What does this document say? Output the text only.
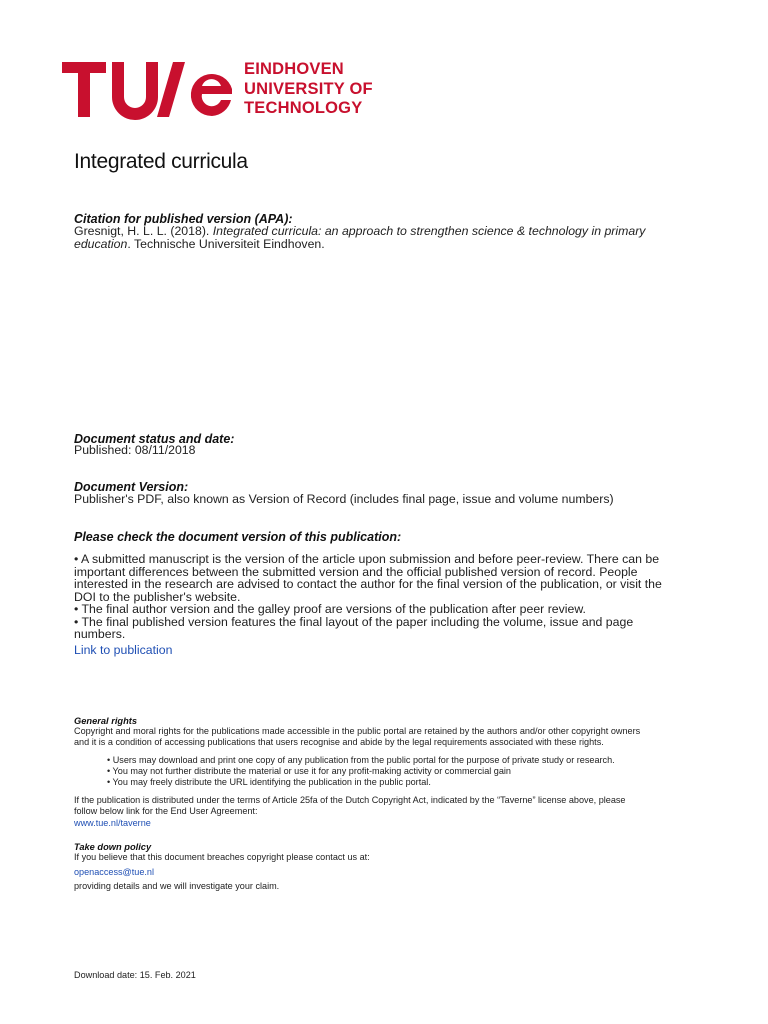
EINDHOVEN
UNIVERSITY OF
TECHNOLOGY
Integrated curricula
Citation for published version (APA):
Gresnigt, H. L. L. (2018). Integrated curricula: an approach to strengthen science & technology in primary
education. Technische Universiteit Eindhoven.
Document status and date:
Published: 08/11/2018
Document Version:
Publisher's PDF, also known as Version of Record (includes final page, issue and volume numbers)
Please check the document version of this publication:
• A submitted manuscript is the version of the article upon submission and before peer-review. There can be
important differences between the submitted version and the official published version of record. People
interested in the research are advised to contact the author for the final version of the publication, or visit the
DOI to the publisher's website.
• The final author version and the galley proof are versions of the publication after peer review.
• The final published version features the final layout of the paper including the volume, issue and page
numbers.
Link to publication
General rights
Copyright and moral rights for the publications made accessible in the public portal are retained by the authors and/or other copyright owners
and it is a condition of accessing publications that users recognise and abide by the legal requirements associated with these rights.
• Users may download and print one copy of any publication from the public portal for the purpose of private study or research.
• You may not further distribute the material or use it for any profit-making activity or commercial gain
• You may freely distribute the URL identifying the publication in the public portal.
If the publication is distributed under the terms of Article 25fa of the Dutch Copyright Act, indicated by the “Taverne” license above, please
follow below link for the End User Agreement:
www.tue.nl/taverne
Take down policy
If you believe that this document breaches copyright please contact us at:
openaccess@tue.nl
providing details and we will investigate your claim.
Download date: 15. Feb. 2021
